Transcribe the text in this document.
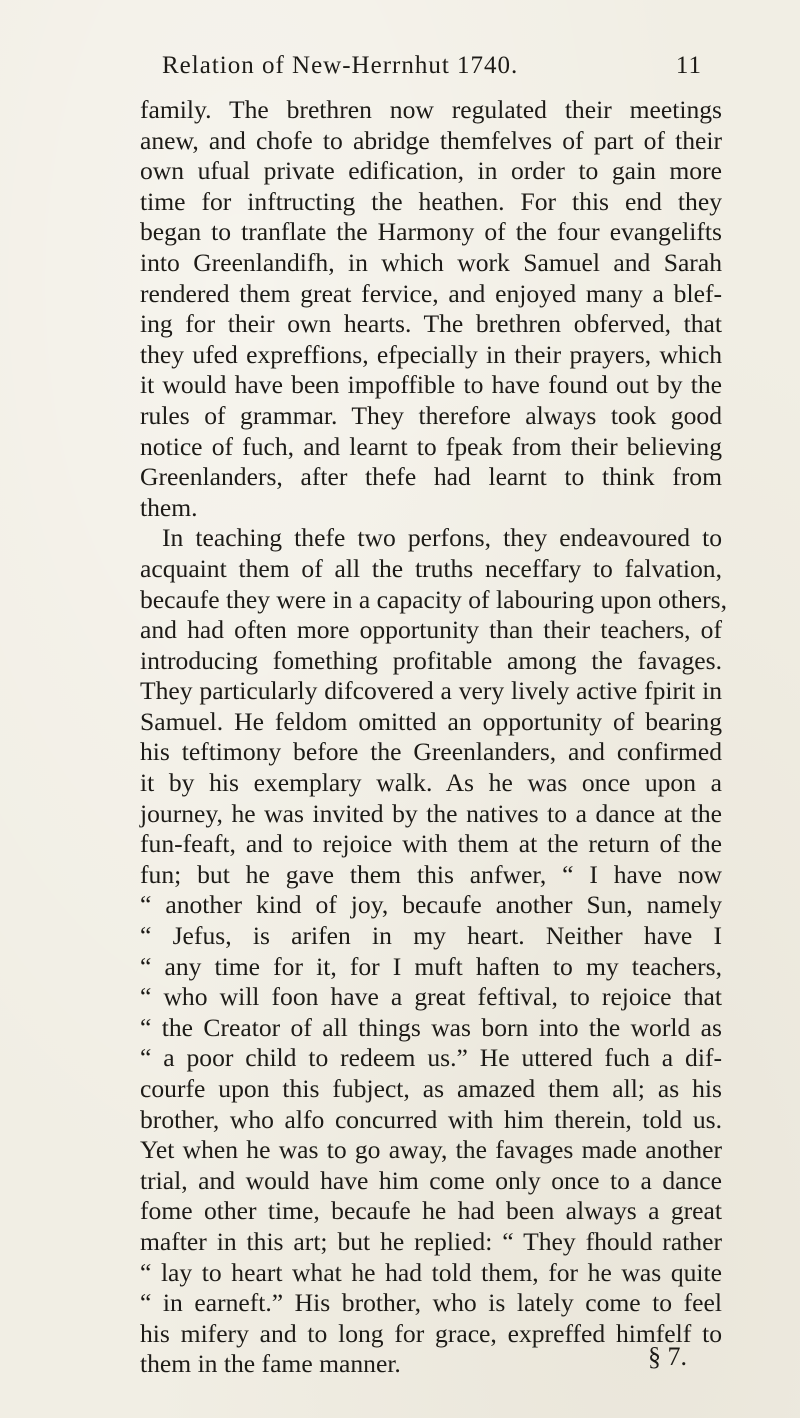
Relation of New-Herrnhut 1740.	11
family. The brethren now regulated their meetings
anew, and chofe to abridge themfelves of part of their
own ufual private edification, in order to gain more
time for inftructing the heathen. For this end they
began to tranflate the Harmony of the four evangelifts
into Greenlandifh, in which work Samuel and Sarah
rendered them great fervice, and enjoyed many a blef-
ing for their own hearts. The brethren obferved, that
they ufed expreffions, efpecially in their prayers, which
it would have been impoffible to have found out by the
rules of grammar. They therefore always took good
notice of fuch, and learnt to fpeak from their believing
Greenlanders, after thefe had learnt to think from
them.
In teaching thefe two perfons, they endeavoured to
acquaint them of all the truths neceffary to falvation,
becaufe they were in a capacity of labouring upon others,
and had often more opportunity than their teachers, of
introducing fomething profitable among the favages.
They particularly difcovered a very lively active fpirit in
Samuel. He feldom omitted an opportunity of bearing
his teftimony before the Greenlanders, and confirmed
it by his exemplary walk. As he was once upon a
journey, he was invited by the natives to a dance at the
fun-feaft, and to rejoice with them at the return of the
fun; but he gave them this anfwer, “ I have now
“ another kind of joy, becaufe another Sun, namely
“ Jefus, is arifen in my heart. Neither have I
“ any time for it, for I muft haften to my teachers,
“ who will foon have a great feftival, to rejoice that
“ the Creator of all things was born into the world as
“ a poor child to redeem us.” He uttered fuch a dif-
courfe upon this fubject, as amazed them all; as his
brother, who alfo concurred with him therein, told us.
Yet when he was to go away, the favages made another
trial, and would have him come only once to a dance
fome other time, becaufe he had been always a great
mafter in this art; but he replied: “ They fhould rather
“ lay to heart what he had told them, for he was quite
“ in earneft.” His brother, who is lately come to feel
his mifery and to long for grace, expreffed himfelf to
them in the fame manner.	§ 7.
